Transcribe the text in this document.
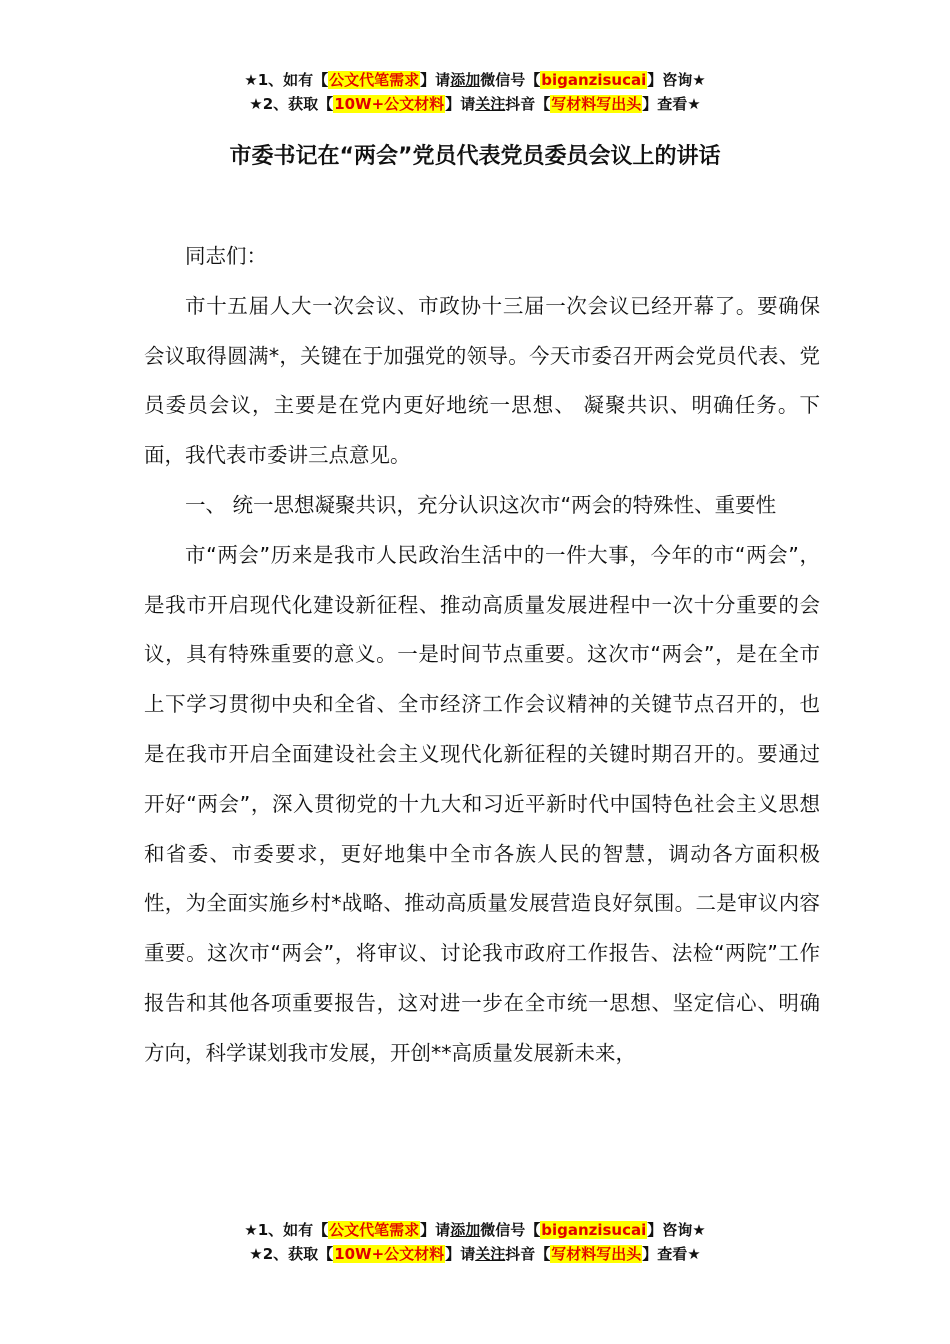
★1、如有【公文代笔需求】请添加微信号【biganzisucai】咨询★
★2、获取【10W+公文材料】请关注抖音【写材料写出头】查看★
市委书记在“两会”党员代表党员委员会议上的讲话

同志们：

市十五届人大一次会议、市政协十三届一次会议已经开幕了。要确保会议取得圆满*，关键在于加强党的领导。今天市委召开两会党员代表、党员委员会议，主要是在党内更好地统一思想、 凝聚共识、明确任务。下面，我代表市委讲三点意见。

一、 统一思想凝聚共识，充分认识这次市“两会的特殊性、重要性

市“两会”历来是我市人民政治生活中的一件大事，今年的市“两会”，是我市开启现代化建设新征程、推动高质量发展进程中一次十分重要的会议，具有特殊重要的意义。一是时间节点重要。这次市“两会”，是在全市上下学习贯彻中央和全省、全市经济工作会议精神的关键节点召开的，也是在我市开启全面建设社会主义现代化新征程的关键时期召开的。要通过开好“两会”，深入贯彻党的十九大和习近平新时代中国特色社会主义思想和省委、市委要求，更好地集中全市各族人民的智慧，调动各方面积极性，为全面实施乡村*战略、推动高质量发展营造良好氛围。二是审议内容重要。这次市“两会”，将审议、讨论我市政府工作报告、法检“两院”工作报告和其他各项重要报告，这对进一步在全市统一思想、坚定信心、明确方向，科学谋划我市发展，开创**高质量发展新未来，

★1、如有【公文代笔需求】请添加微信号【biganzisucai】咨询★
★2、获取【10W+公文材料】请关注抖音【写材料写出头】查看★
